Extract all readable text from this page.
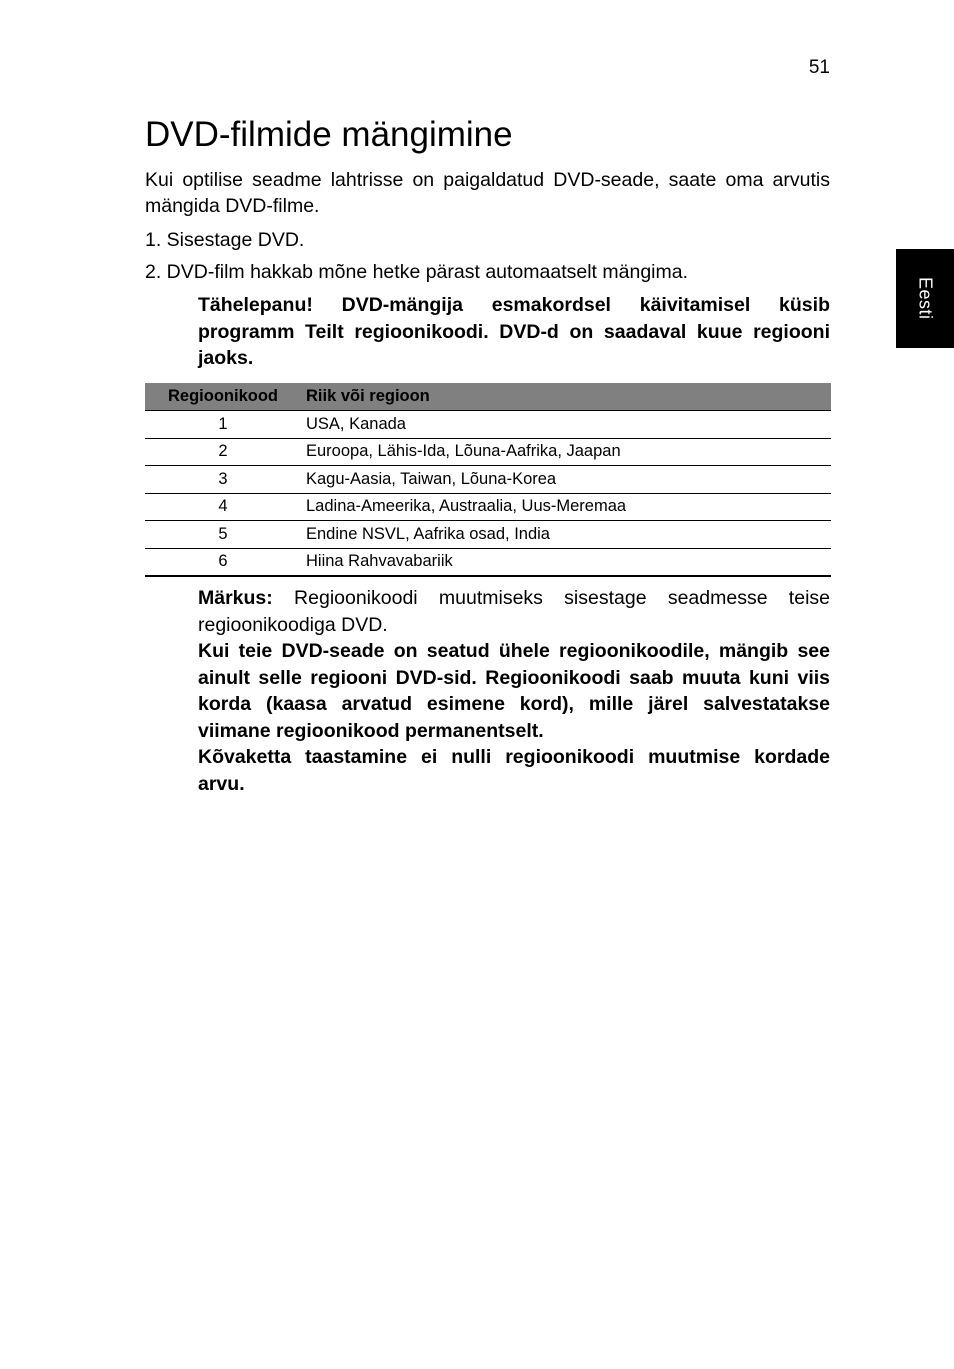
51
Eesti
DVD-filmide mängimine

Kui optilise seadme lahtrisse on paigaldatud DVD-seade, saate oma arvutis mängida DVD-filme.

1. Sisestage DVD.

2. DVD-film hakkab mõne hetke pärast automaatselt mängima.

Tähelepanu! DVD-mängija esmakordsel käivitamisel küsib programm Teilt regioonikoodi. DVD-d on saadaval kuue regiooni jaoks.

Regioonikood	Riik või regioon
1	USA, Kanada
2	Euroopa, Lähis-Ida, Lõuna-Aafrika, Jaapan
3	Kagu-Aasia, Taiwan, Lõuna-Korea
4	Ladina-Ameerika, Austraalia, Uus-Meremaa
5	Endine NSVL, Aafrika osad, India
6	Hiina Rahvavabariik

Märkus: Regioonikoodi muutmiseks sisestage seadmesse teise regioonikoodiga DVD.

Kui teie DVD-seade on seatud ühele regioonikoodile, mängib see ainult selle regiooni DVD-sid. Regioonikoodi saab muuta kuni viis korda (kaasa arvatud esimene kord), mille järel salvestatakse viimane regioonikood permanentselt.

Kõvaketta taastamine ei nulli regioonikoodi muutmise kordade arvu.
